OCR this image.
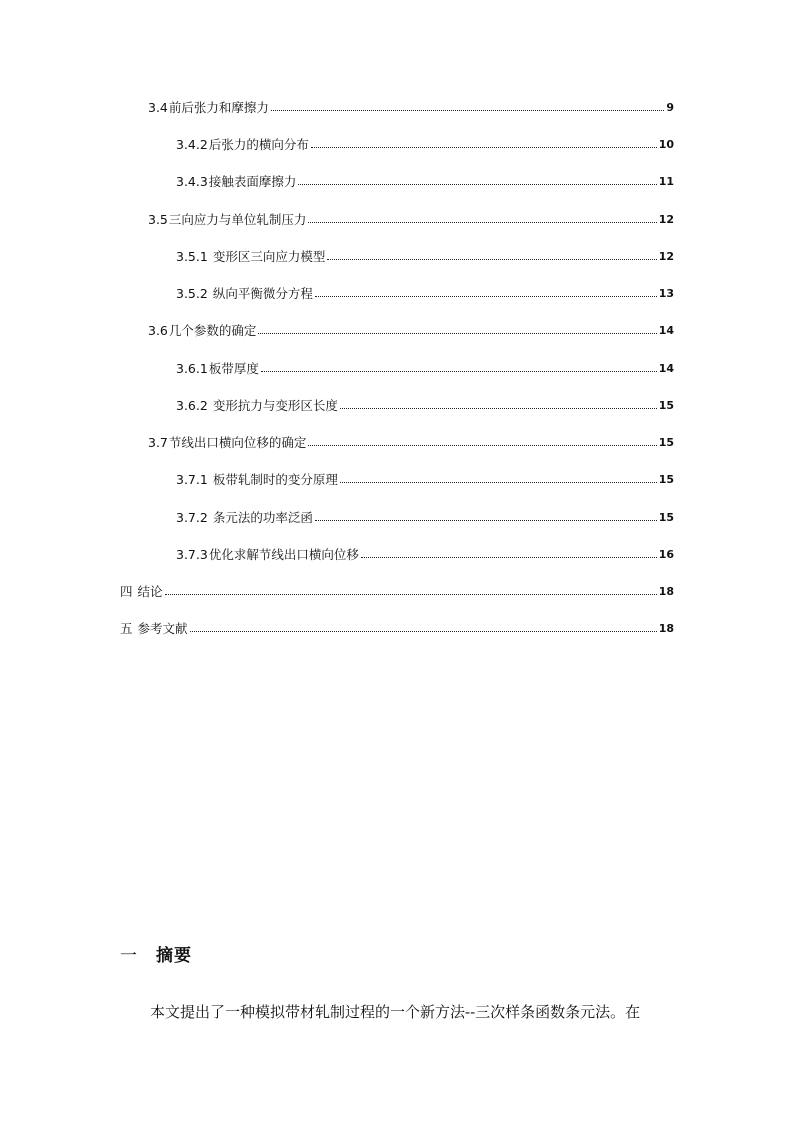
3.4前后张力和摩擦力	9
3.4.2后张力的横向分布	10
3.4.3接触表面摩擦力	11
3.5三向应力与单位轧制压力	12
3.5.1 变形区三向应力模型	12
3.5.2 纵向平衡微分方程	13
3.6几个参数的确定	14
3.6.1板带厚度	14
3.6.2 变形抗力与变形区长度	15
3.7节线出口横向位移的确定	15
3.7.1 板带轧制时的变分原理	15
3.7.2 条元法的功率泛函	15
3.7.3优化求解节线出口横向位移	16
四 结论	18
五 参考文献	18
一 摘要
本文提出了一种模拟带材轧制过程的一个新方法--三次样条函数条元法。在
